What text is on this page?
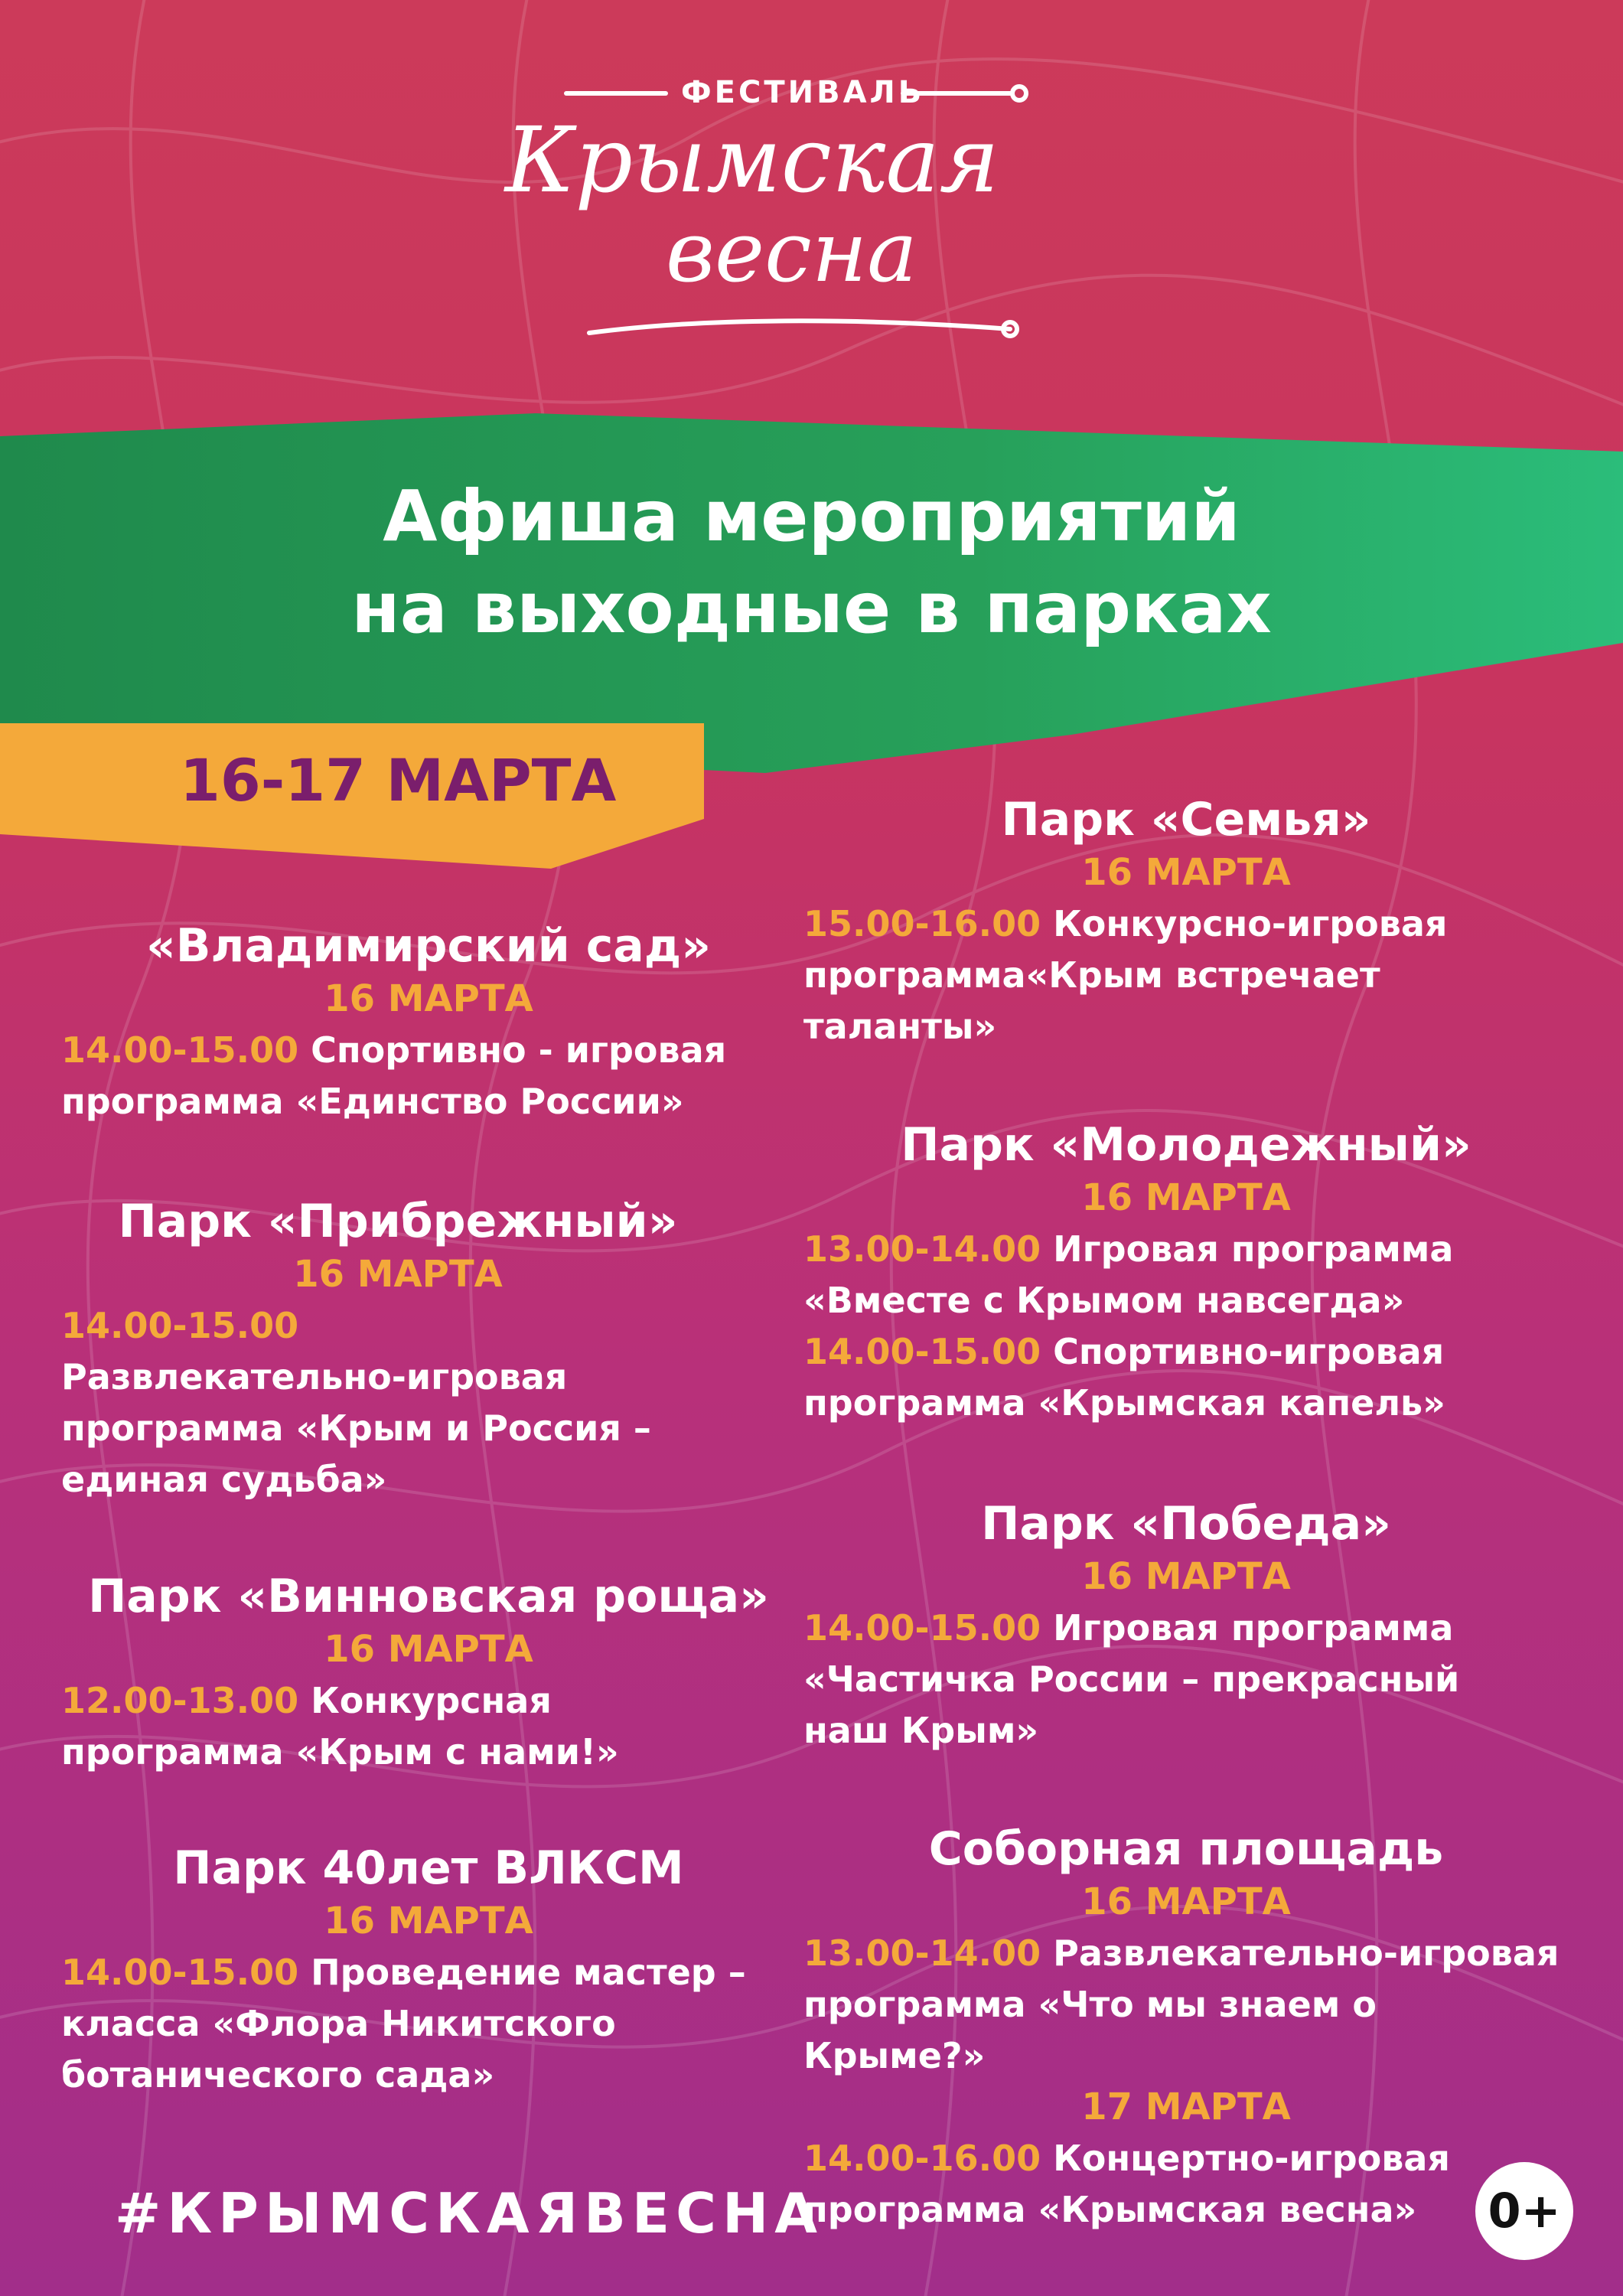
ФЕСТИВАЛЬ
Крымская
весна
Афиша мероприятий
на выходные в парках
16-17 МАРТА
«Владимирский сад»
16 МАРТА
14.00-15.00 Спортивно - игровая программа «Единство России»
Парк «Прибрежный»
16 МАРТА
14.00-15.00
Развлекательно-игровая программа «Крым и Россия – единая судьба»
Парк «Винновская роща»
16 МАРТА
12.00-13.00 Конкурсная программа «Крым с нами!»
Парк 40лет ВЛКСМ
16 МАРТА
14.00-15.00 Проведение мастер – класса «Флора Никитского ботанического сада»
Парк «Семья»
16 МАРТА
15.00-16.00 Конкурсно-игровая программа«Крым встречает таланты»
Парк «Молодежный»
16 МАРТА
13.00-14.00 Игровая программа «Вместе с Крымом навсегда»
14.00-15.00 Спортивно-игровая программа «Крымская капель»
Парк «Победа»
16 МАРТА
14.00-15.00 Игровая программа «Частичка России – прекрасный наш Крым»
Соборная площадь
16 МАРТА
13.00-14.00 Развлекательно-игровая программа «Что мы знаем о Крыме?»
17 МАРТА
14.00-16.00 Концертно-игровая программа «Крымская весна»
#КРЫМСКАЯВЕСНА	0+
